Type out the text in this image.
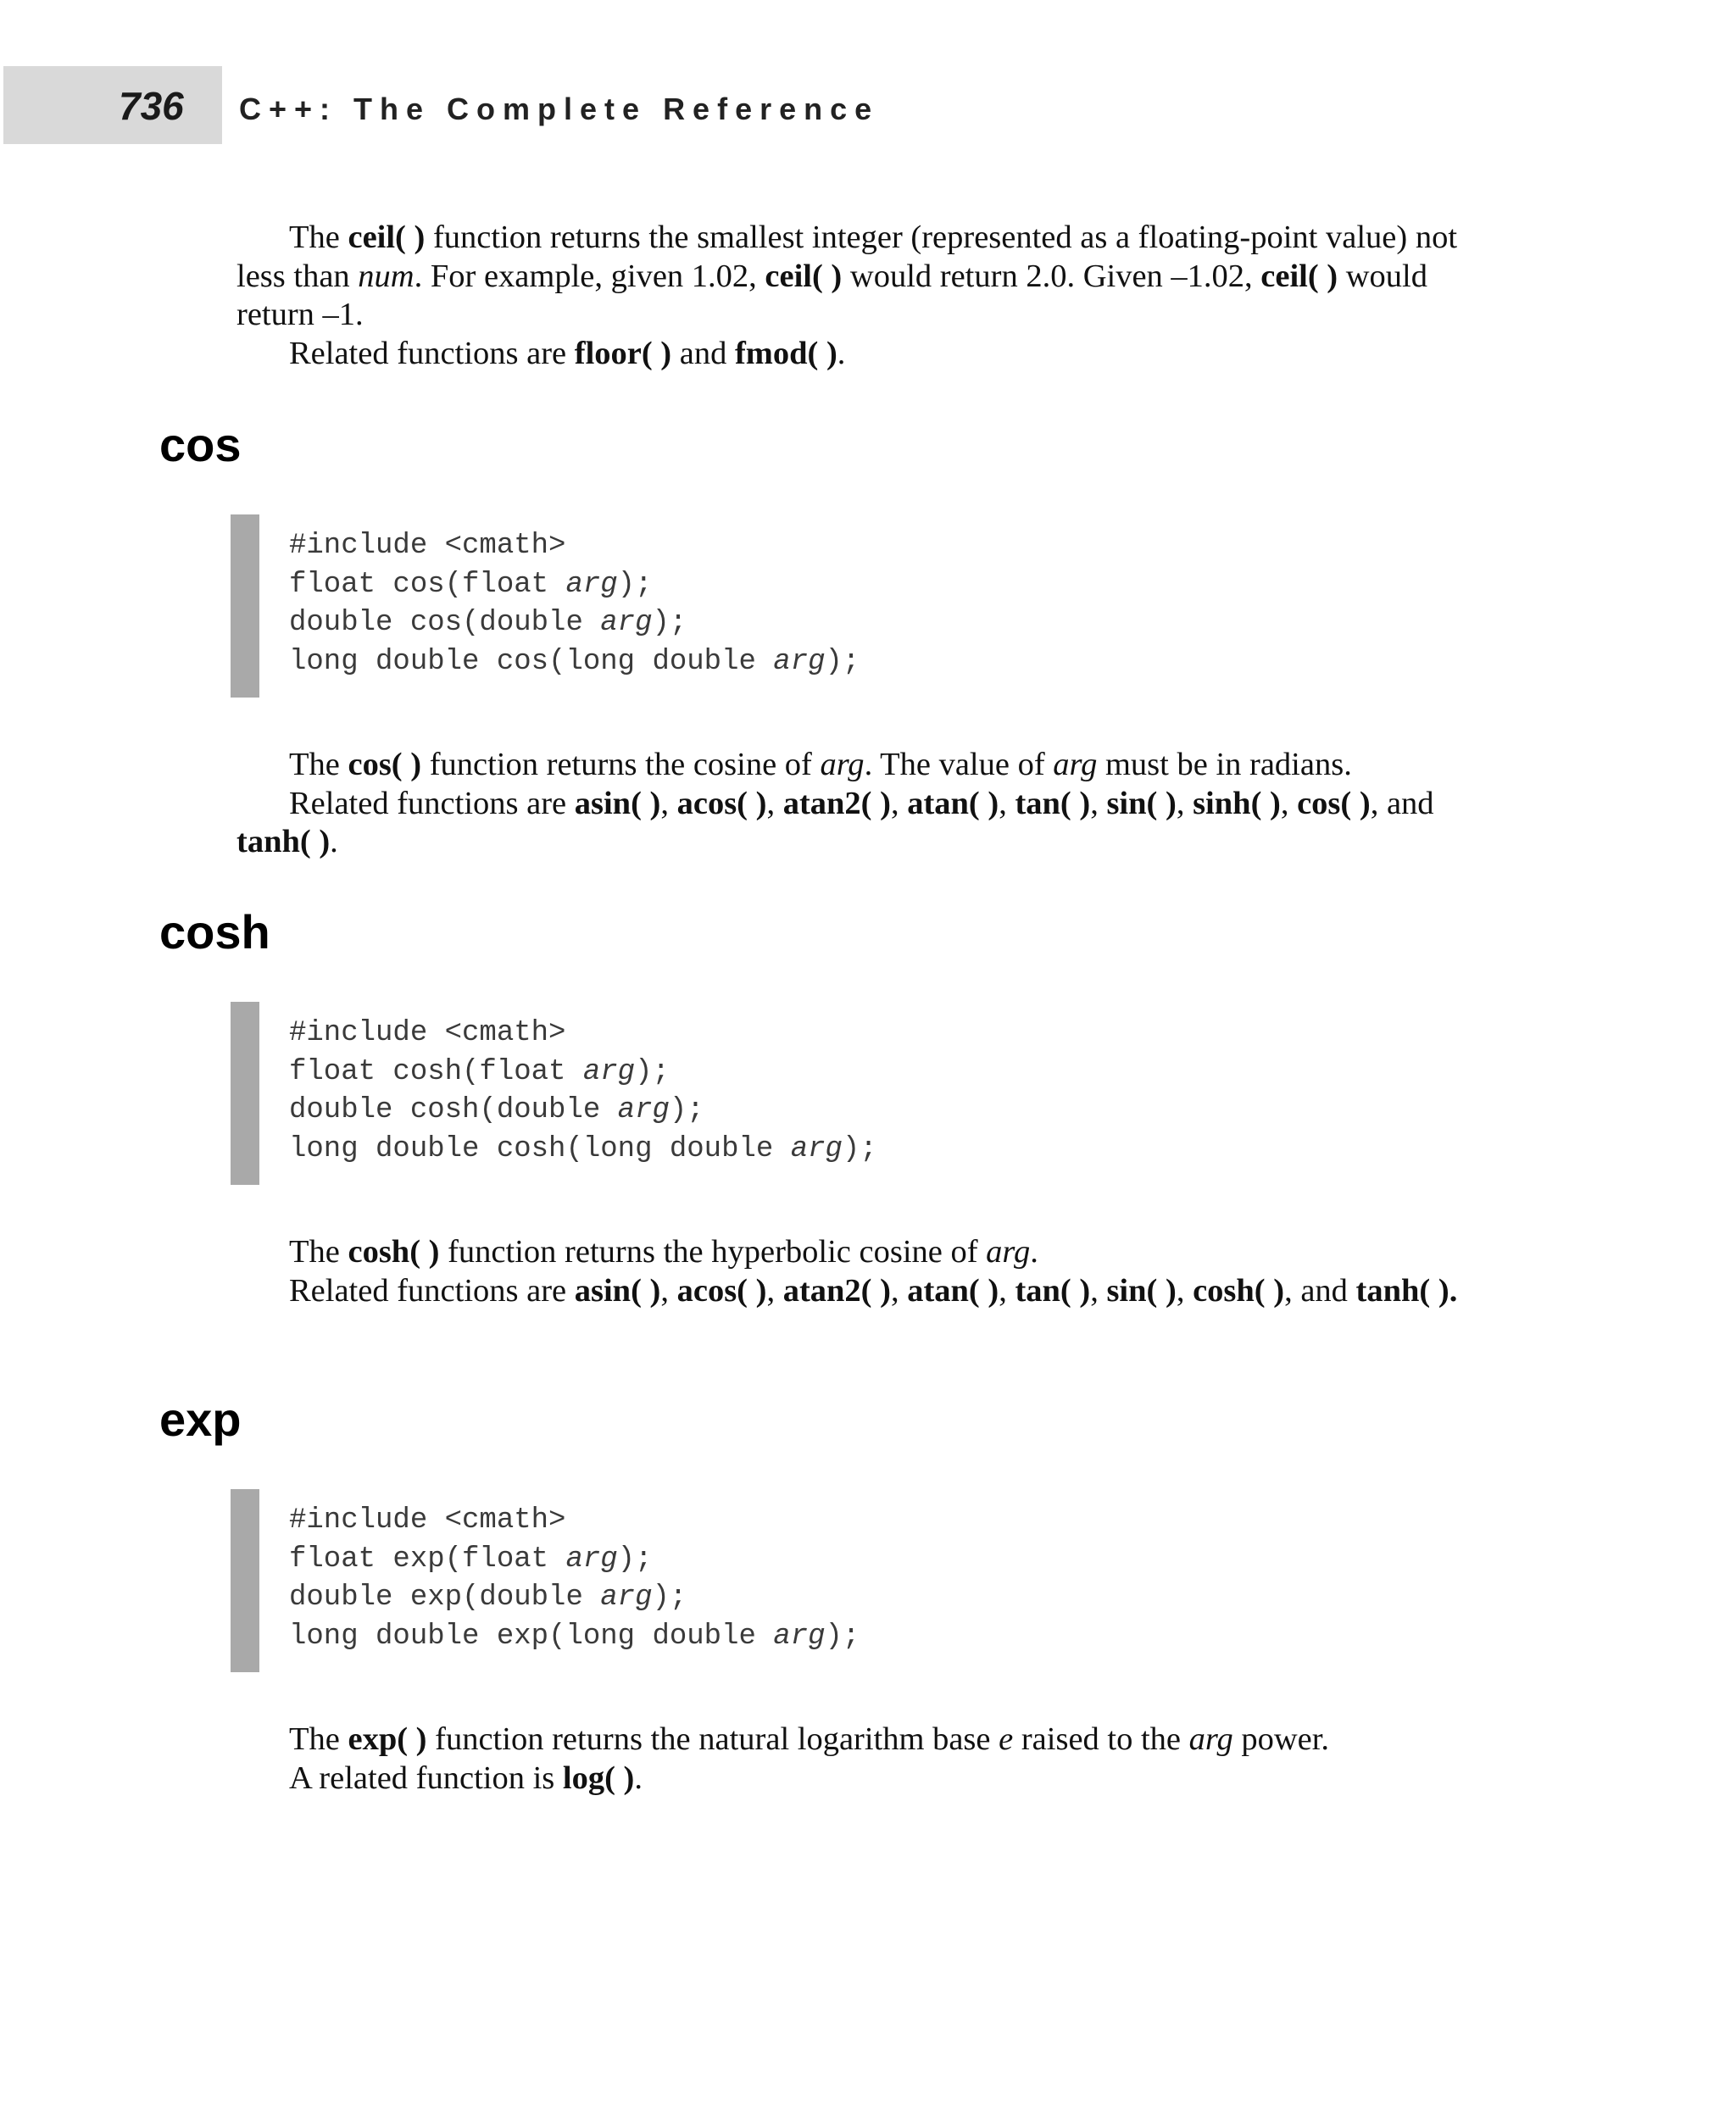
736 C++: The Complete Reference

The ceil( ) function returns the smallest integer (represented as a floating-point value) not less than num. For example, given 1.02, ceil( ) would return 2.0. Given –1.02, ceil( ) would return –1.

Related functions are floor( ) and fmod( ).

cos
#include <cmath>
float cos(float arg);
double cos(double arg);
long double cos(long double arg);

The cos( ) function returns the cosine of arg. The value of arg must be in radians.

Related functions are asin( ), acos( ), atan2( ), atan( ), tan( ), sin( ), sinh( ), cos( ), and tanh( ).

cosh
#include <cmath>
float cosh(float arg);
double cosh(double arg);
long double cosh(long double arg);

The cosh( ) function returns the hyperbolic cosine of arg.

Related functions are asin( ), acos( ), atan2( ), atan( ), tan( ), sin( ), cosh( ), and tanh( ).

exp
#include <cmath>
float exp(float arg);
double exp(double arg);
long double exp(long double arg);

The exp( ) function returns the natural logarithm base e raised to the arg power.

A related function is log( ).
